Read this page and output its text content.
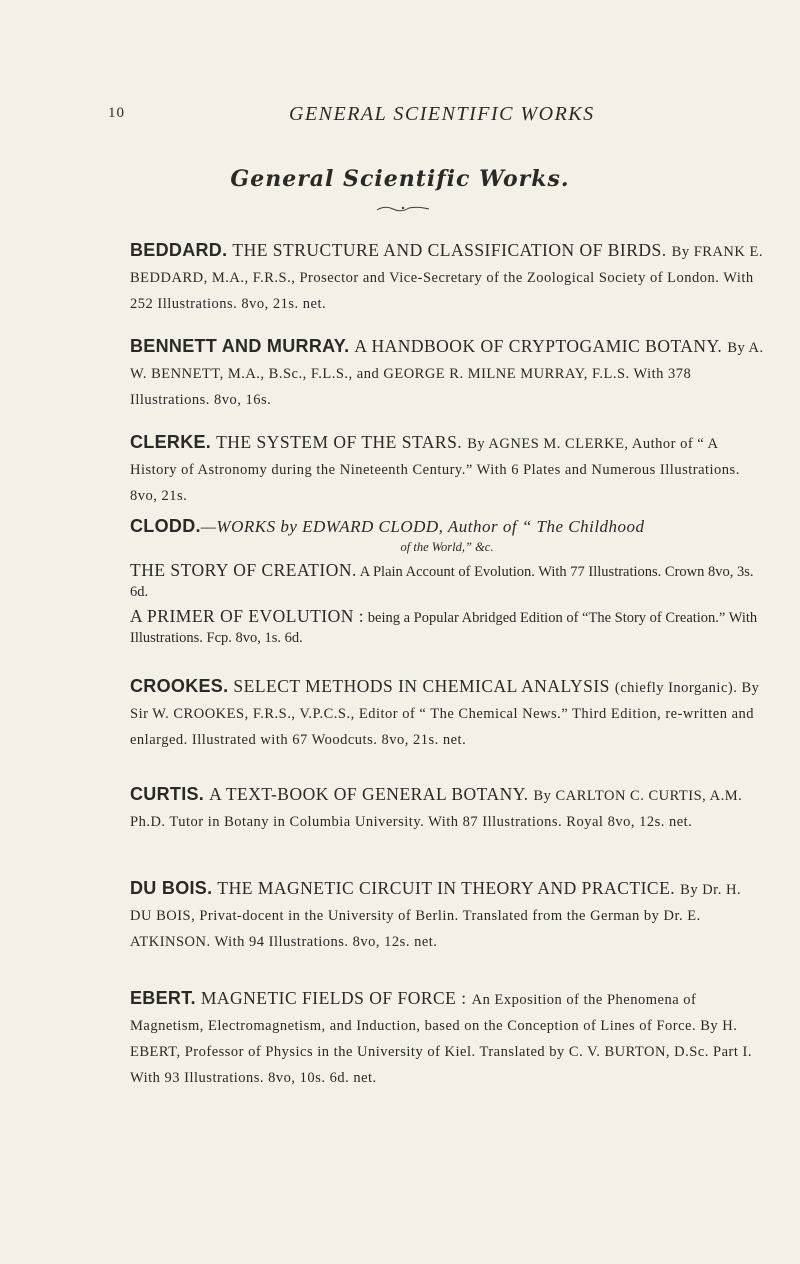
10	GENERAL SCIENTIFIC WORKS
General Scientific Works.
BEDDARD. THE STRUCTURE AND CLASSIFICATION OF BIRDS. By FRANK E. BEDDARD, M.A., F.R.S., Prosector and Vice-Secretary of the Zoological Society of London. With 252 Illustrations. 8vo, 21s. net.
BENNETT AND MURRAY. A HANDBOOK OF CRYPTOGAMIC BOTANY. By A. W. BENNETT, M.A., B.Sc., F.L.S., and GEORGE R. MILNE MURRAY, F.L.S. With 378 Illustrations. 8vo, 16s.
CLERKE. THE SYSTEM OF THE STARS. By AGNES M. CLERKE, Author of “ A History of Astronomy during the Nineteenth Century.” With 6 Plates and Numerous Illustrations. 8vo, 21s.
CLODD.—WORKS by EDWARD CLODD, Author of “ The Childhood
of the World,” &c.
THE STORY OF CREATION. A Plain Account of Evolution. With 77 Illustrations. Crown 8vo, 3s. 6d.
A PRIMER OF EVOLUTION : being a Popular Abridged Edition of “The Story of Creation.” With Illustrations. Fcp. 8vo, 1s. 6d.
CROOKES. SELECT METHODS IN CHEMICAL ANALYSIS (chiefly Inorganic). By Sir W. CROOKES, F.R.S., V.P.C.S., Editor of “ The Chemical News.” Third Edition, re-written and enlarged. Illustrated with 67 Woodcuts. 8vo, 21s. net.
CURTIS. A TEXT-BOOK OF GENERAL BOTANY. By CARLTON C. CURTIS, A.M. Ph.D. Tutor in Botany in Columbia University. With 87 Illustrations. Royal 8vo, 12s. net.
DU BOIS. THE MAGNETIC CIRCUIT IN THEORY AND PRACTICE. By Dr. H. DU BOIS, Privat-docent in the University of Berlin. Translated from the German by Dr. E. ATKINSON. With 94 Illustrations. 8vo, 12s. net.
EBERT. MAGNETIC FIELDS OF FORCE : An Exposition of the Phenomena of Magnetism, Electromagnetism, and Induction, based on the Conception of Lines of Force. By H. EBERT, Professor of Physics in the University of Kiel. Translated by C. V. BURTON, D.Sc. Part I. With 93 Illustrations. 8vo, 10s. 6d. net.
